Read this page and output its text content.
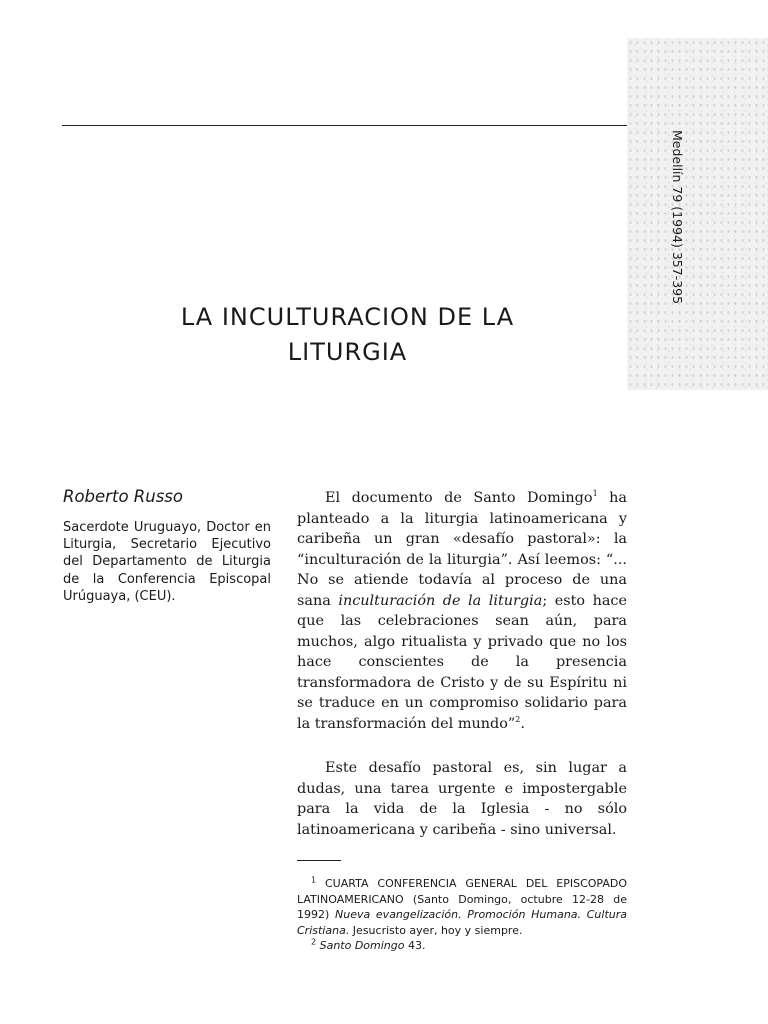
Medellín 79 (1994) 357-395
LA INCULTURACION DE LA
LITURGIA
Roberto Russo
Sacerdote Uruguayo, Doctor en Liturgia, Secretario Ejecutivo del Departamento de Liturgia de la Conferencia Episcopal Urúguaya, (CEU).

El documento de Santo Domingo$^1$ ha planteado a la liturgia latinoamericana y caribeña un gran «desafío pastoral»: la “inculturación de la liturgia”. Así leemos: “... No se atiende todavía al proceso de una sana inculturación de la liturgia; esto hace que las celebraciones sean aún, para muchos, algo ritualista y privado que no los hace conscientes de la presencia transformadora de Cristo y de su Espíritu ni se traduce en un compromiso solidario para la transformación del mundo”$^2$.

Este desafío pastoral es, sin lugar a dudas, una tarea urgente e impostergable para la vida de la Iglesia - no sólo latinoamericana y caribeña - sino universal.

$^1$ CUARTA CONFERENCIA GENERAL DEL EPISCOPADO LATINOAMERICANO (Santo Domingo, octubre 12-28 de 1992) Nueva evangelización. Promoción Humana. Cultura Cristiana. Jesucristo ayer, hoy y siempre.

$^2$ Santo Domingo 43.
